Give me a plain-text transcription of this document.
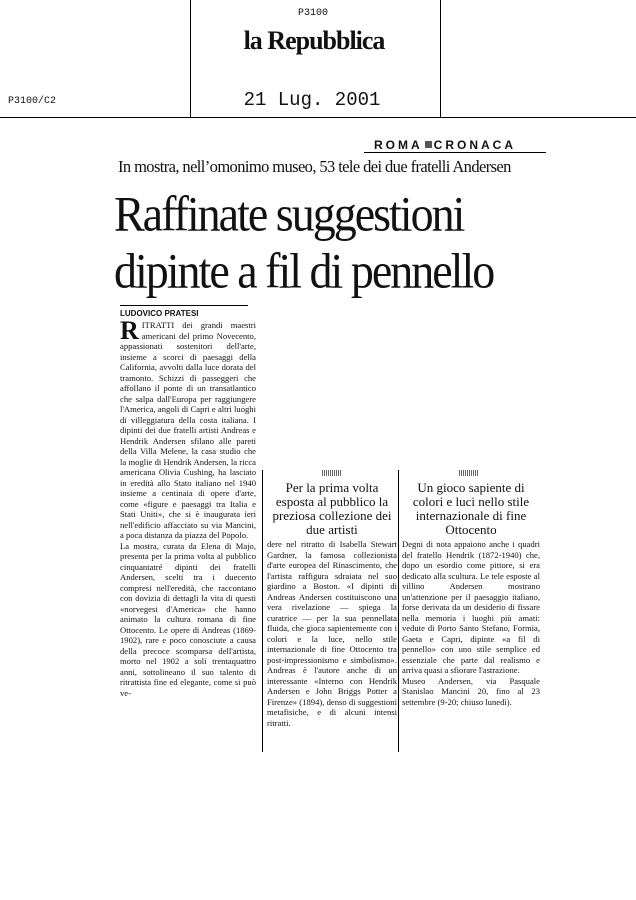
P3100
la Repubblica
P3100/C2	21 Lug. 2001
ROMA CRONACA
In mostra, nell’omonimo museo, 53 tele dei due fratelli Andersen
Raffinate suggestioni dipinte a fil di pennello
LUDOVICO PRATESI
RITRATTI dei grandi maestri americani del primo Novecento, appassionati sostenitori dell'arte, insieme a scorci di paesaggi della California, avvolti dalla luce dorata del tramonto. Schizzi di passeggeri che affollano il ponte di un transatlantico che salpa dall'Europa per raggiungere l'America, angoli di Capri e altri luoghi di villeggiatura della costa italiana. I dipinti dei due fratelli artisti Andreas e Hendrik Andersen sfilano alle pareti della Villa Melene, la casa studio che la moglie di Hendrik Andersen, la ricca americana Olivia Cushing, ha lasciato in eredità allo Stato italiano nel 1940 insieme a centinaia di opere d'arte, come «figure e paesaggi tra Italia e Stati Uniti», che si è inaugurata ieri nell'edificio affacciato su via Mancini, a poca distanza da piazza del Popolo.
La mostra, curata da Elena di Majo, presenta per la prima volta al pubblico cinquantatré dipinti dei fratelli Andersen, scelti tra i duecento compresi nell'eredità, che raccontano con dovizia di dettagli la vita di questi «norvegesi d'America» che hanno animato la cultura romana di fine Ottocento. Le opere di Andreas (1869-1902), rare e poco conosciute a causa della precoce scomparsa dell'artista, morto nel 1902 a soli trentaquattro anni, sottolineano il suo talento di ritrattista fine ed elegante, come si può ve-
Per la prima volta esposta al pubblico la preziosa collezione dei due artisti
Un gioco sapiente di colori e luci nello stile internazionale di fine Ottocento
dere nel ritratto di Isabella Stewart Gardner, la famosa collezionista d'arte europea del Rinascimento, che l'artista raffigura sdraiata nel suo giardino a Boston. «I dipinti di Andreas Andersen costituiscono una vera rivelazione — spiega la curatrice — per la sua pennellata fluida, che gioca sapientemente con i colori e la luce, nello stile internazionale di fine Ottocento tra post-impressionismo e simbolismo». Andreas è l'autore anche di un interessante «Interno con Hendrik Andersen e John Briggs Potter a Firenze» (1894), denso di suggestioni metafisiche, e di alcuni intensi ritratti.
Degni di nota appaiono anche i quadri del fratello Hendrik (1872-1940) che, dopo un esordio come pittore, si era dedicato alla scultura. Le tele esposte al villino Andersen mostrano un'attenzione per il paesaggio italiano, forse derivata da un desiderio di fissare nella memoria i luoghi più amati: vedute di Porto Santo Stefano, Formia, Gaeta e Capri, dipinte «a fil di pennello» con uno stile semplice ed essenziale che parte dal realismo e arriva quasi a sfiorare l'astrazione.
Museo Andersen, via Pasquale Stanislao Mancini 20, fino al 23 settembre (9-20; chiuso lunedì).
